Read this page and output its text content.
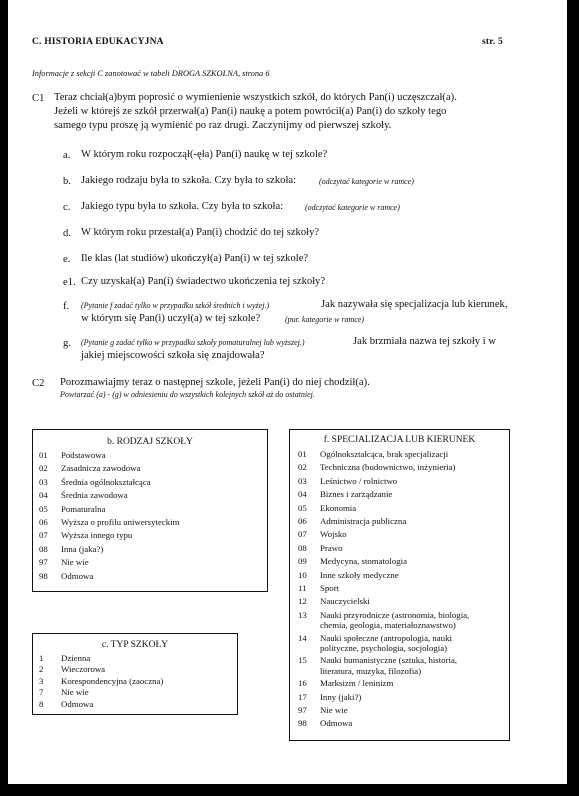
C. HISTORIA EDUKACYJNA	str. 5
Informacje z sekcji C zanotować w tabeli DROGA SZKOLNA, strona 6
C1 Teraz chciał(a)bym poprosić o wymienienie wszystkich szkół, do których Pan(i) uczęszczał(a).
Jeżeli w którejś ze szkół przerwał(a) Pan(i) naukę a potem powrócił(a) Pan(i) do szkoły tego
samego typu proszę ją wymienić po raz drugi. Zaczynijmy od pierwszej szkoły.
a. W którym roku rozpoczął(-ęła) Pan(i) naukę w tej szkole?
b. Jakiego rodzaju była to szkoła. Czy była to szkoła:	(odczytać kategorie w ramce)
c. Jakiego typu była to szkoła. Czy była to szkoła:	(odczytać kategorie w ramce)
d. W którym roku przestał(a) Pan(i) chodzić do tej szkoły?
e. Ile klas (lat studiów) ukończył(a) Pan(i) w tej szkole?
e1. Czy uzyskał(a) Pan(i) świadectwo ukończenia tej szkoły?
f. (Pytanie f zadać tylko w przypadku szkół średnich i wyżej.)	Jak nazywała się specjalizacja lub kierunek,
w którym się Pan(i) uczył(a) w tej szkole?	(pur. kategorie w ramce)
g. (Pytanie g zadać tylko w przypadku szkoły pomaturalnej lub wyższej.)	Jak brzmiała nazwa tej szkoły i w
jakiej miejscowości szkoła się znajdowała?
C2 Porozmawiajmy teraz o następnej szkole, jeżeli Pan(i) do niej chodził(a).
Powtarzać (a) - (g) w odniesieniu do wszystkich kolejnych szkół aż do ostatniej.
b. RODZAJ SZKOŁY
01	Podstawowa
02	Zasadnicza zawodowa
03	Średnia ogólnokształcąca
04	Średnia zawodowa
05	Pomaturalna
06	Wyższa o profilu uniwersyteckim
07	Wyższa innego typu
08	Inna (jaka?)
97	Nie wie
98	Odmowa
c. TYP SZKOŁY
1	Dzienna
2	Wieczorowa
3	Korespondencyjna (zaoczna)
7	Nie wie
8	Odmowa
f. SPECJALIZACJA LUB KIERUNEK
01	Ogólnokształcąca, brak specjalizacji
02	Techniczna (budownictwo, inżynieria)
03	Leśnictwo / rolnictwo
04	Biznes i zarządzanie
05	Ekonomia
06	Administracja publiczna
07	Wojsko
08	Prawo
09	Medycyna, stomatologia
10	Inne szkoły medyczne
11	Sport
12	Nauczycielski
13	Nauki przyrodnicze (astronomia, biologia, chemia, geologia, materiałoznawstwo)
14	Nauki społeczne (antropologia, nauki polityczne, psychologia, socjologia)
15	Nauki humanistyczne (sztuka, historia, literatura, muzyka, filozofia)
16	Marksizm / leninizm
17	Inny (jaki?)
97	Nie wie
98	Odmowa
